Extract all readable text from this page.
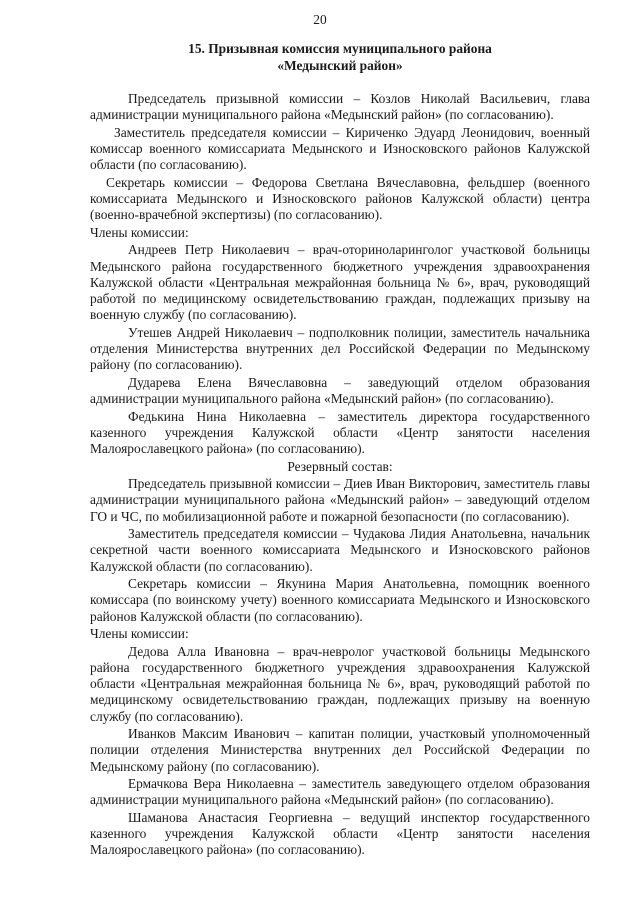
20
15. Призывная комиссия муниципального района
«Медынский район»

Председатель призывной комиссии – Козлов Николай Васильевич, глава администрации муниципального района «Медынский район» (по согласованию).

Заместитель председателя комиссии – Кириченко Эдуард Леонидович, военный комиссар военного комиссариата Медынского и Износковского районов Калужской области (по согласованию).

Секретарь комиссии – Федорова Светлана Вячеславовна, фельдшер (военного комиссариата Медынского и Износковского районов Калужской области) центра (военно-врачебной экспертизы) (по согласованию).

Члены комиссии:

Андреев Петр Николаевич – врач-оториноларинголог участковой больницы Медынского района государственного бюджетного учреждения здравоохранения Калужской области «Центральная межрайонная больница № 6», врач, руководящий работой по медицинскому освидетельствованию граждан, подлежащих призыву на военную службу (по согласованию).

Утешев Андрей Николаевич – подполковник полиции, заместитель начальника отделения Министерства внутренних дел Российской Федерации по Медынскому району (по согласованию).

Дударева Елена Вячеславовна – заведующий отделом образования администрации муниципального района «Медынский район» (по согласованию).

Федькина Нина Николаевна – заместитель директора государственного казенного учреждения Калужской области «Центр занятости населения Малоярославецкого района» (по согласованию).

Резервный состав:

Председатель призывной комиссии – Диев Иван Викторович, заместитель главы администрации муниципального района «Медынский район» – заведующий отделом ГО и ЧС, по мобилизационной работе и пожарной безопасности (по согласованию).

Заместитель председателя комиссии – Чудакова Лидия Анатольевна, начальник секретной части военного комиссариата Медынского и Износковского районов Калужской области (по согласованию).

Секретарь комиссии – Якунина Мария Анатольевна, помощник военного комиссара (по воинскому учету) военного комиссариата Медынского и Износковского районов Калужской области (по согласованию).

Члены комиссии:

Дедова Алла Ивановна – врач-невролог участковой больницы Медынского района государственного бюджетного учреждения здравоохранения Калужской области «Центральная межрайонная больница № 6», врач, руководящий работой по медицинскому освидетельствованию граждан, подлежащих призыву на военную службу (по согласованию).

Иванков Максим Иванович – капитан полиции, участковый уполномоченный полиции отделения Министерства внутренних дел Российской Федерации по Медынскому району (по согласованию).

Ермачкова Вера Николаевна – заместитель заведующего отделом образования администрации муниципального района «Медынский район» (по согласованию).

Шаманова Анастасия Георгиевна – ведущий инспектор государственного казенного учреждения Калужской области «Центр занятости населения Малоярославецкого района» (по согласованию).
